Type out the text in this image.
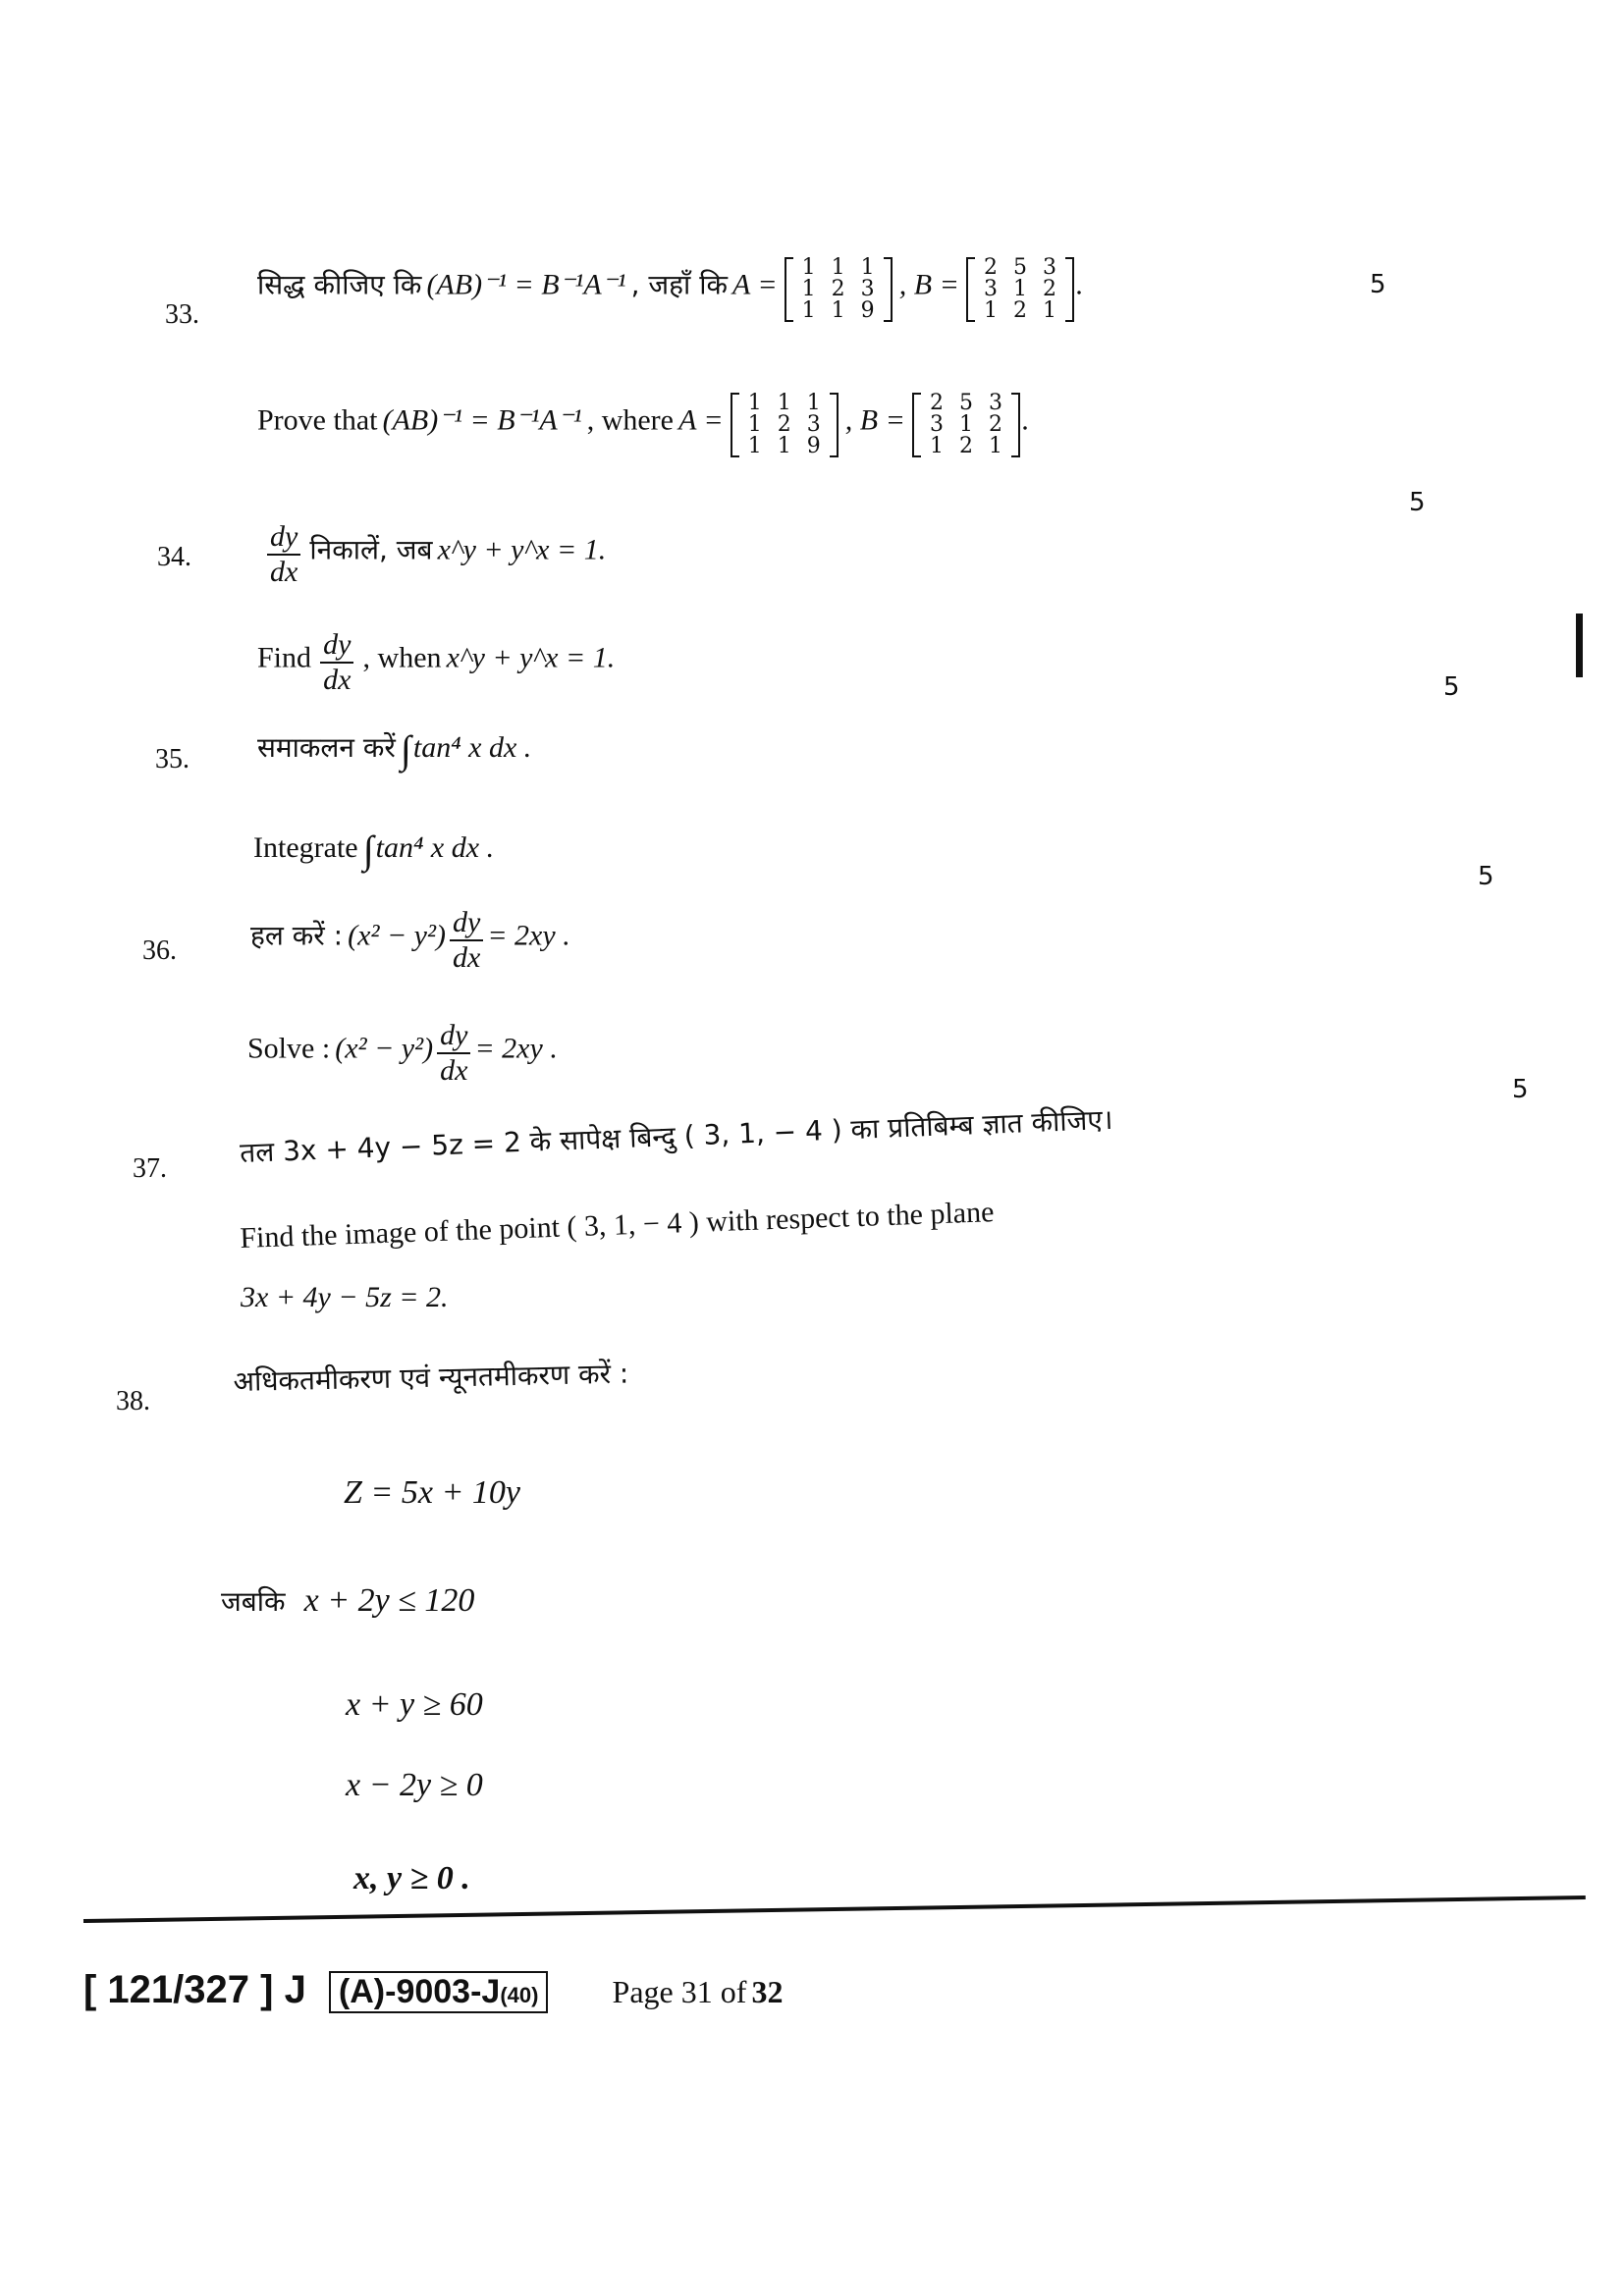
33.
सिद्ध कीजिए कि (AB)⁻¹ = B⁻¹A⁻¹ , जहाँ कि A =
1	1	1
1	2	3
1	1	9
, B =
2	5	3
3	1	2
1	2	1
.	5
Prove that (AB)⁻¹ = B⁻¹A⁻¹ , where A =
1	1	1
1	2	3
1	1	9
, B =
2	5	3
3	1	2
1	2	1
.
5
34.	$\frac{dy}{dx}$ निकालें, जब x^y + y^x = 1.
Find $\frac{dy}{dx}$ , when x^y + y^x = 1.
5
35. समाकलन करें ∫tan⁴ x dx .
Integrate ∫tan⁴ x dx .
5
36.	हल करें : $(x^2 - y^2) \frac{dy}{dx} = 2xy$ .
Solve : $(x^2 - y^2) \frac{dy}{dx} = 2xy$ .
5
37.	तल 3x + 4y − 5z = 2 के सापेक्ष बिन्दु ( 3, 1, − 4 ) का प्रतिबिम्ब ज्ञात कीजिए।
Find the image of the point ( 3, 1, − 4 ) with respect to the plane
3x + 4y − 5z = 2.
38.
अधिकतमीकरण एवं न्यूनतमीकरण करें :
Z = 5x + 10y
जबकि x + 2y ≤ 120
x + y ≥ 60
x − 2y ≥ 0
x, y ≥ 0 .
[ 121/327 ] J (A)-9003-J(40) Page 31 of 32
